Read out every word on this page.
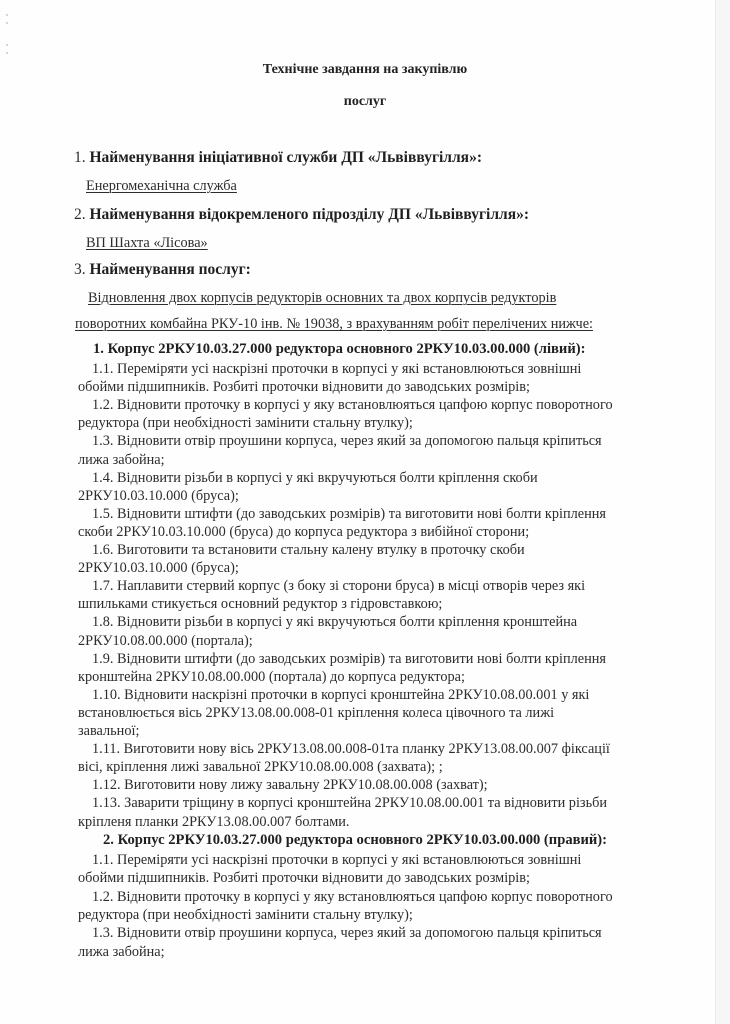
Технічне завдання на закупівлю
послуг
1. Найменування ініціативної служби ДП «Львіввугілля»:
Енергомеханічна служба
2. Найменування відокремленого підрозділу ДП «Львіввугілля»:
ВП Шахта «Лісова»
3. Найменування послуг:
Відновлення двох корпусів редукторів основних та двох корпусів редукторів
поворотних комбайна РКУ-10 інв. № 19038, з врахуванням робіт перелічених нижче:
1. Корпус 2РКУ10.03.27.000 редуктора основного 2РКУ10.03.00.000 (лівий):
1.1. Переміряти усі наскрізні проточки в корпусі у які встановлюються зовнішні
обойми підшипників. Розбиті проточки відновити до заводських розмірів;
1.2. Відновити проточку в корпусі у яку встановлюяться цапфою корпус поворотного
редуктора (при необхідності замінити стальну втулку);
1.3. Відновити отвір проушини корпуса, через який за допомогою пальця кріпиться
лижа забойна;
1.4. Відновити різьби в корпусі у які вкручуються болти кріплення скоби
2РКУ10.03.10.000 (бруса);
1.5. Відновити штифти (до заводських розмірів) та виготовити нові болти кріплення
скоби 2РКУ10.03.10.000 (бруса) до корпуса редуктора з вибійної сторони;
1.6. Виготовити та встановити стальну калену втулку в проточку скоби
2РКУ10.03.10.000 (бруса);
1.7. Наплавити стервий корпус (з боку зі сторони бруса) в місці отворів через які
шпильками стикується основний редуктор з гідровставкою;
1.8. Відновити різьби в корпусі у які вкручуються болти кріплення кронштейна
2РКУ10.08.00.000 (портала);
1.9. Відновити штифти (до заводських розмірів) та виготовити нові болти кріплення
кронштейна 2РКУ10.08.00.000 (портала) до корпуса редуктора;
1.10. Відновити наскрізні проточки в корпусі кронштейна 2РКУ10.08.00.001 у які
встановлюється вісь 2РКУ13.08.00.008-01 кріплення колеса цівочного та лижі
завальної;
1.11. Виготовити нову вісь 2РКУ13.08.00.008-01та планку 2РКУ13.08.00.007 фіксації
вісі, кріплення лижі завальної 2РКУ10.08.00.008 (захвата); ;
1.12. Виготовити нову лижу завальну 2РКУ10.08.00.008 (захват);
1.13. Заварити тріщину в корпусі кронштейна 2РКУ10.08.00.001 та відновити різьби
кріпленя планки 2РКУ13.08.00.007 болтами.
2. Корпус 2РКУ10.03.27.000 редуктора основного 2РКУ10.03.00.000 (правий):
1.1. Переміряти усі наскрізні проточки в корпусі у які встановлюються зовнішні
обойми підшипників. Розбиті проточки відновити до заводських розмірів;
1.2. Відновити проточку в корпусі у яку встановлюяться цапфою корпус поворотного
редуктора (при необхідності замінити стальну втулку);
1.3. Відновити отвір проушини корпуса, через який за допомогою пальця кріпиться
лижа забойна;
